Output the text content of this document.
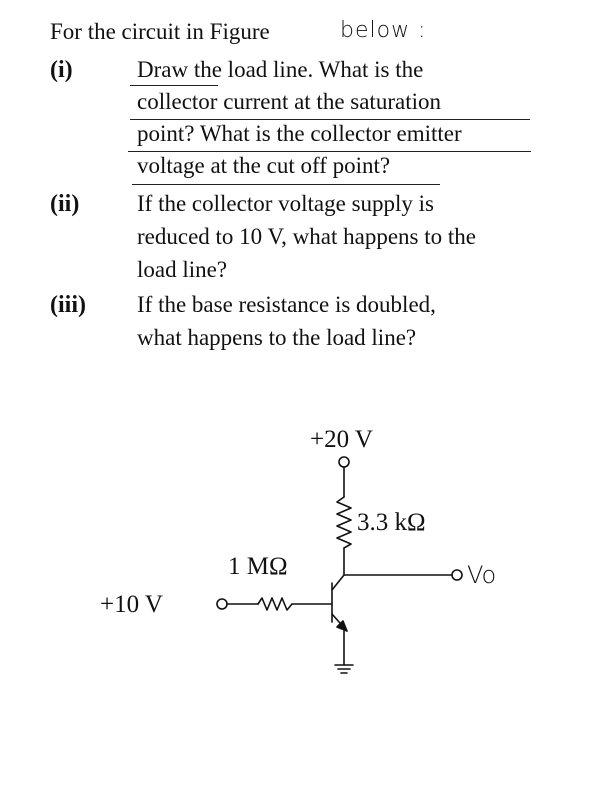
For the circuit in Figure	below :
(i)	Draw the load line. What is the
collector current at the saturation
point? What is the collector emitter
voltage at the cut off point?
(ii)	If the collector voltage supply is
reduced to 10 V, what happens to the
load line?
(iii) If the base resistance is doubled,
what happens to the load line?
+20 V
3.3 kΩ
1 MΩ
+10 V
Vo
